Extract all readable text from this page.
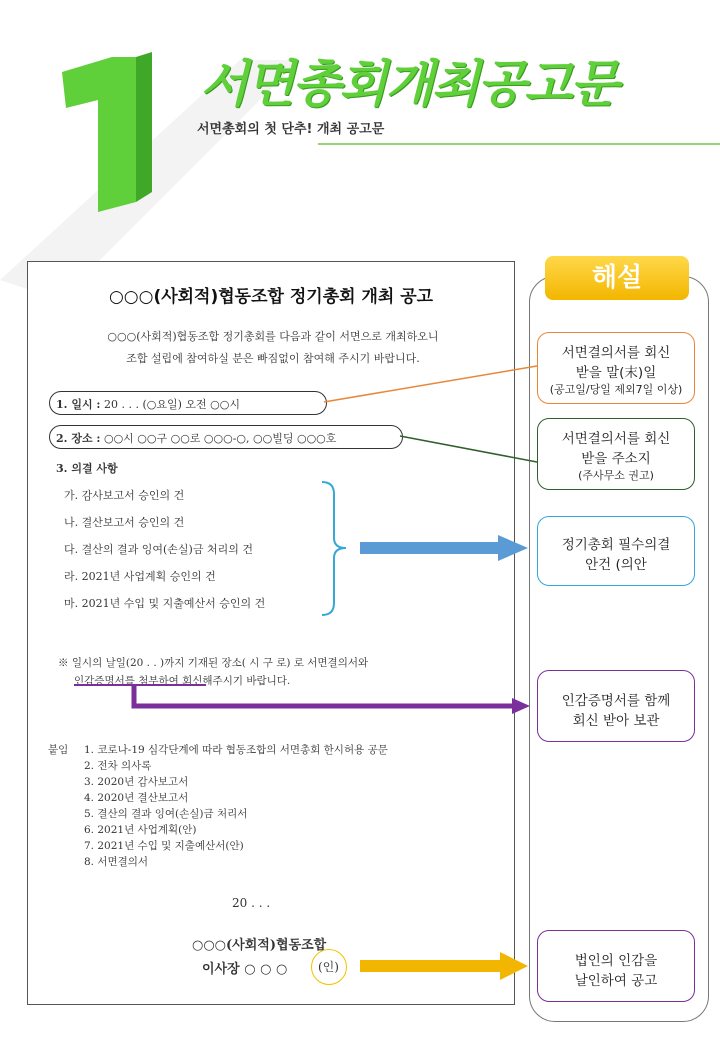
서면총회개최공고문
서면총회의 첫 단추! 개최 공고문
해설
서면결의서를 회신
받을 말(末)일
(공고일/당일 제외7일 이상)
서면결의서를 회신
받을 주소지
(주사무소 권고)
정기총회 필수의결
안건 (의안
인감증명서를 함께
회신 받아 보관
법인의 인감을
날인하여 공고
○○○(사회적)협동조합 정기총회 개최 공고
○○○(사회적)협동조합 정기총회를 다음과 같이 서면으로 개최하오니
조합 설립에 참여하실 분은 빠짐없이 참여해 주시기 바랍니다.
1. 일시 : 20 . . . (○요일) 오전 ○○시
2. 장소 : ○○시 ○○구 ○○로 ○○○-○, ○○빌딩 ○○○호
3. 의결 사항
가. 감사보고서 승인의 건
나. 결산보고서 승인의 건
다. 결산의 결과 잉여(손실)금 처리의 건
라. 2021년 사업계획 승인의 건
마. 2021년 수입 및 지출예산서 승인의 건
※ 일시의 날일(20 . . )까지 기재된 장소( 시 구 로) 로 서면결의서와
인감증명서를 첨부하여 회신해주시기 바랍니다.
붙임 1. 코로나-19 심각단계에 따라 협동조합의 서면총회 한시허용 공문
2. 전차 의사록
3. 2020년 감사보고서
4. 2020년 결산보고서
5. 결산의 결과 잉여(손실)금 처리서
6. 2021년 사업계획(안)
7. 2021년 수입 및 지출예산서(안)
8. 서면결의서
20 . . .
○○○(사회적)협동조합
이사장 ○ ○ ○	(인)
